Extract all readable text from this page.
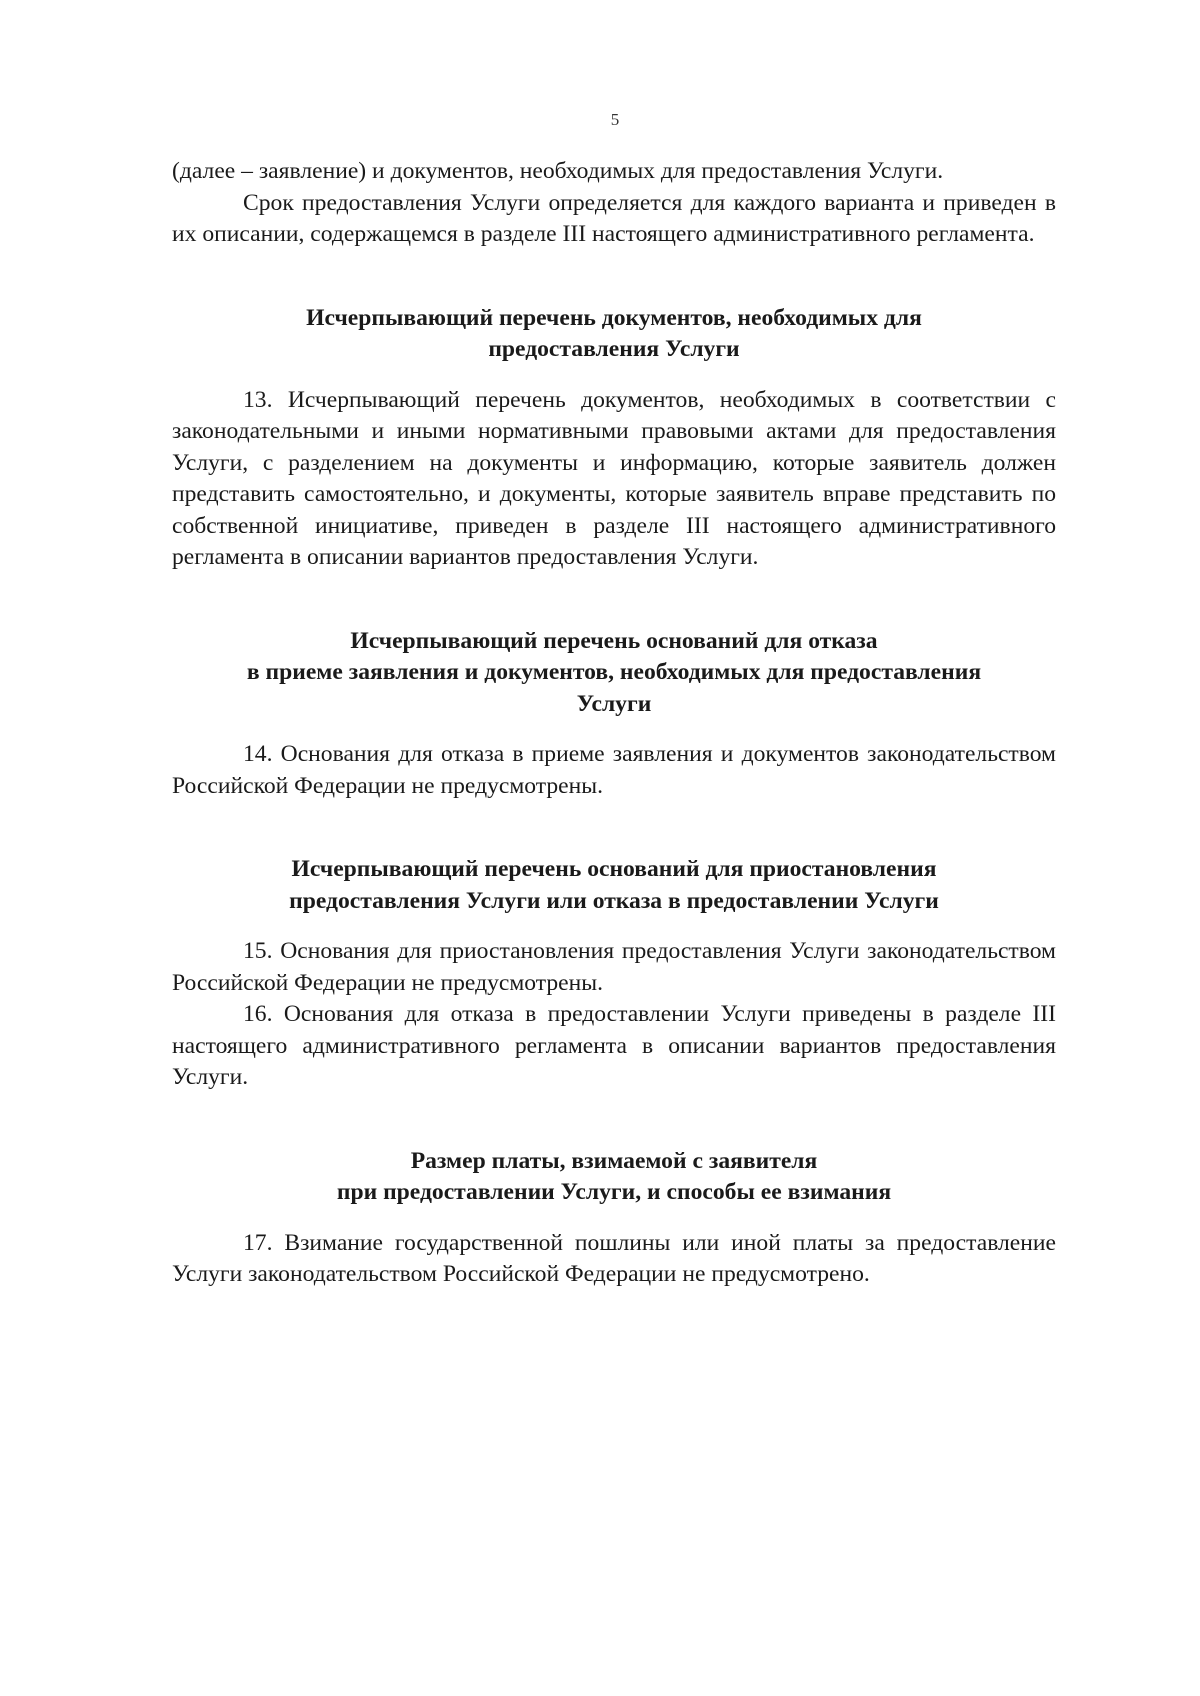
5

(далее – заявление) и документов, необходимых для предоставления Услуги.

Срок предоставления Услуги определяется для каждого варианта и приведен в их описании, содержащемся в разделе III настоящего административного регламента.

Исчерпывающий перечень документов, необходимых для
предоставления Услуги

13. Исчерпывающий перечень документов, необходимых в соответствии с законодательными и иными нормативными правовыми актами для предоставления Услуги, с разделением на документы и информацию, которые заявитель должен представить самостоятельно, и документы, которые заявитель вправе представить по собственной инициативе, приведен в разделе III настоящего административного регламента в описании вариантов предоставления Услуги.

Исчерпывающий перечень оснований для отказа
в приеме заявления и документов, необходимых для предоставления
Услуги

14. Основания для отказа в приеме заявления и документов законодательством Российской Федерации не предусмотрены.

Исчерпывающий перечень оснований для приостановления
предоставления Услуги или отказа в предоставлении Услуги

15. Основания для приостановления предоставления Услуги законодательством Российской Федерации не предусмотрены.

16. Основания для отказа в предоставлении Услуги приведены в разделе III настоящего административного регламента в описании вариантов предоставления Услуги.

Размер платы, взимаемой с заявителя
при предоставлении Услуги, и способы ее взимания

17. Взимание государственной пошлины или иной платы за предоставление Услуги законодательством Российской Федерации не предусмотрено.
